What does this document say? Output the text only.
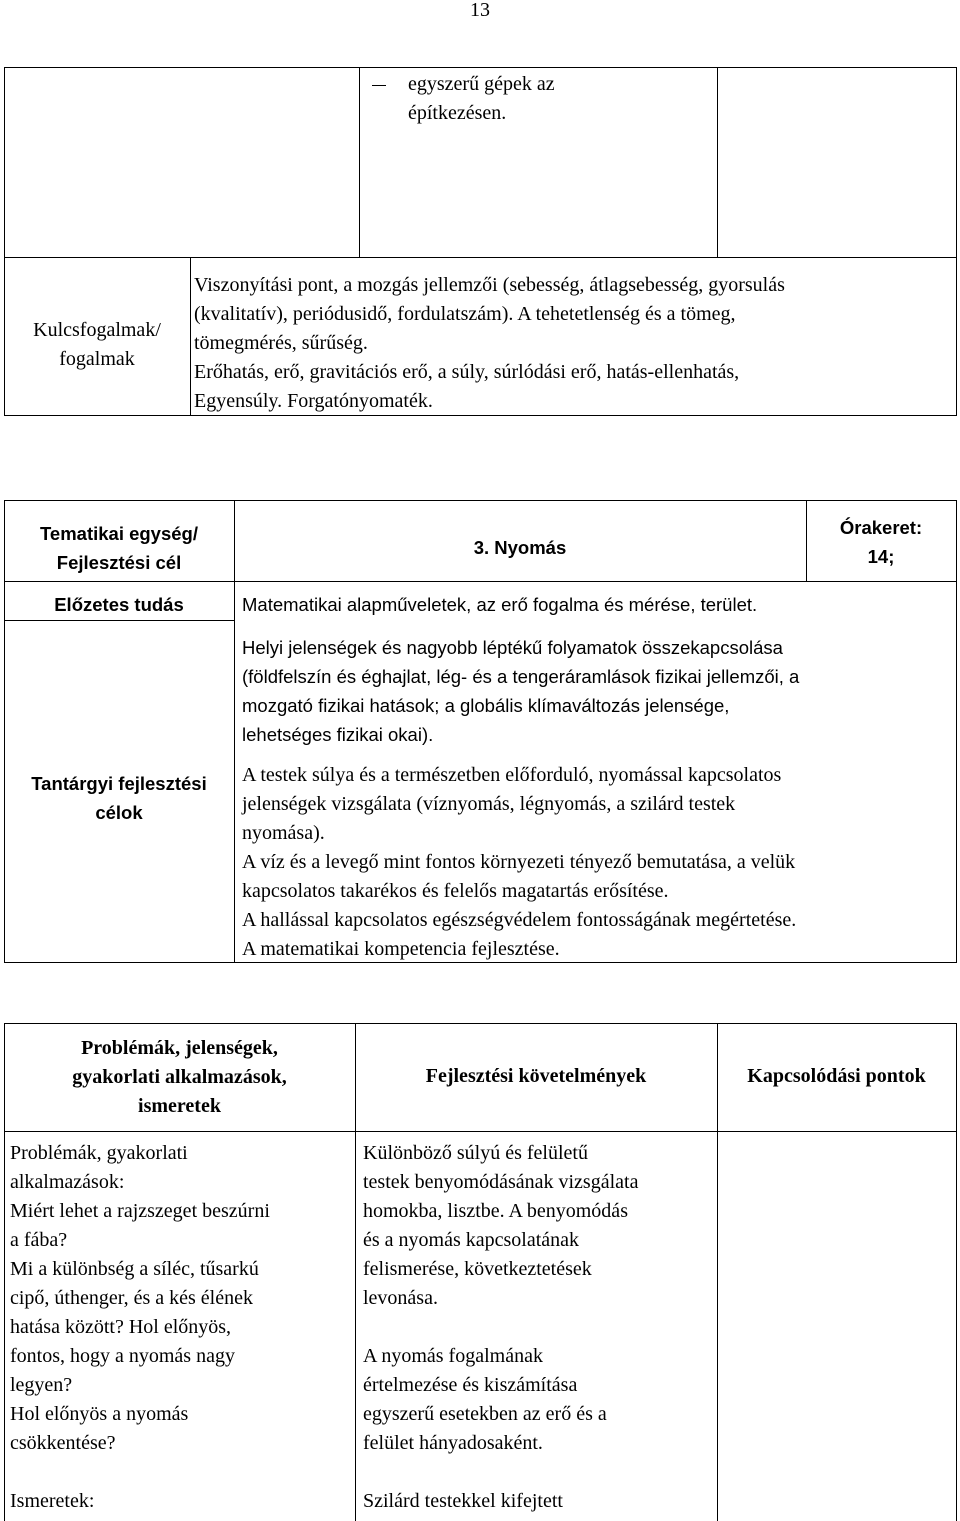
13
egyszerű gépek az
építkezésen.
Kulcsfogalmak/
fogalmak
Viszonyítási pont, a mozgás jellemzői (sebesség, átlagsebesség, gyorsulás
(kvalitatív), periódusidő, fordulatszám). A tehetetlenség és a tömeg,
tömegmérés, sűrűség.
Erőhatás, erő, gravitációs erő, a súly, súrlódási erő, hatás-ellenhatás,
Egyensúly. Forgatónyomaték.
Tematikai egység/
Fejlesztési cél
3. Nyomás
Órakeret:
14;
Előzetes tudás	Matematikai alapműveletek, az erő fogalma és mérése, terület.
Tantárgyi fejlesztési
célok
Helyi jelenségek és nagyobb léptékű folyamatok összekapcsolása
(földfelszín és éghajlat, lég- és a tengeráramlások fizikai jellemzői, a
mozgató fizikai hatások; a globális klímaváltozás jelensége,
lehetséges fizikai okai).
A testek súlya és a természetben előforduló, nyomással kapcsolatos
jelenségek vizsgálata (víznyomás, légnyomás, a szilárd testek
nyomása).
A víz és a levegő mint fontos környezeti tényező bemutatása, a velük
kapcsolatos takarékos és felelős magatartás erősítése.
A hallással kapcsolatos egészségvédelem fontosságának megértetése.
A matematikai kompetencia fejlesztése.
Problémák, jelenségek,
gyakorlati alkalmazások,
ismeretek
Fejlesztési követelmények	Kapcsolódási pontok
Problémák, gyakorlati
alkalmazások:
Miért lehet a rajzszeget beszúrni
a fába?
Mi a különbség a síléc, tűsarkú
cipő, úthenger, és a kés élének
hatása között? Hol előnyös,
fontos, hogy a nyomás nagy
legyen?
Hol előnyös a nyomás
csökkentése?
Ismeretek:
Különböző súlyú és felületű
testek benyomódásának vizsgálata
homokba, lisztbe. A benyomódás
és a nyomás kapcsolatának
felismerése, következtetések
levonása.
A nyomás fogalmának
értelmezése és kiszámítása
egyszerű esetekben az erő és a
felület hányadosaként.
Szilárd testekkel kifejtett
